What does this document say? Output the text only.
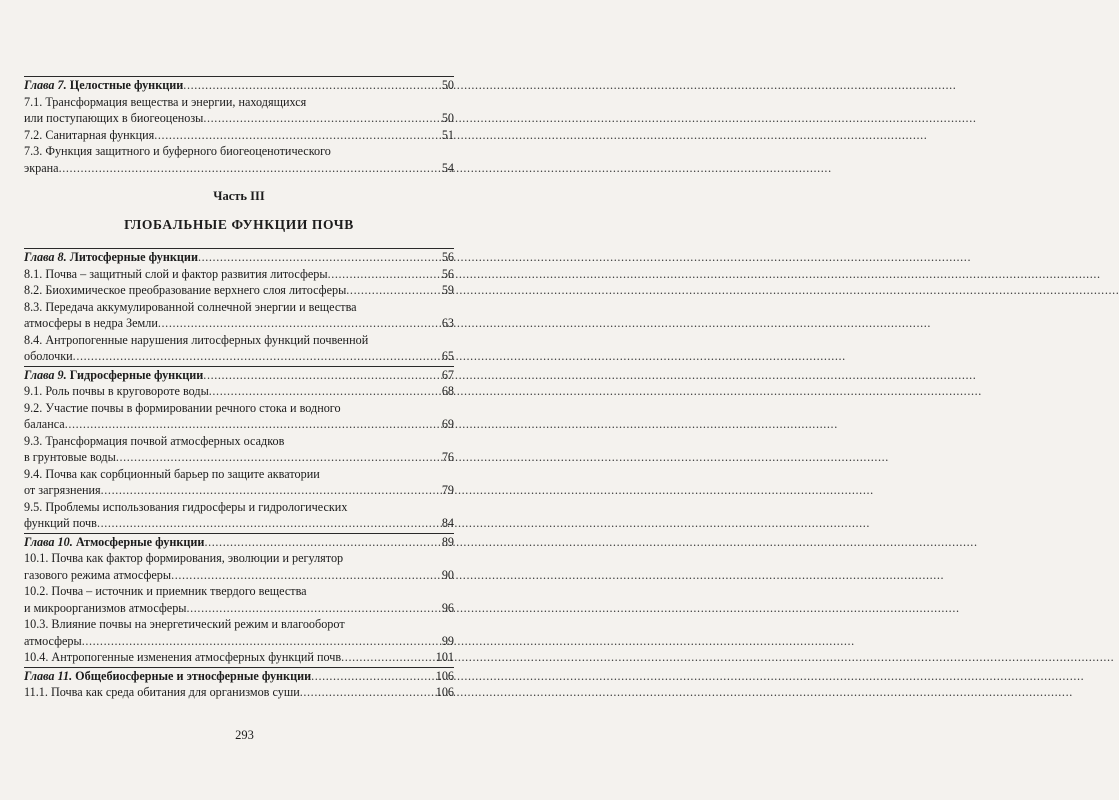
Глава 7. Целостные функции .....	50
7.1. Трансформация вещества и энергии, находящихся
или поступающих в биогеоценозы .....	50
7.2. Санитарная функция .....	51
7.3. Функция защитного и буферного биогеоценотического
экрана .....	54
Часть III
ГЛОБАЛЬНЫЕ ФУНКЦИИ ПОЧВ
Глава 8. Литосферные функции .....	56
8.1. Почва – защитный слой и фактор развития литосферы .....	56
8.2. Биохимическое преобразование верхнего слоя литосферы .....	59
8.3. Передача аккумулированной солнечной энергии и вещества
атмосферы в недра Земли .....	63
8.4. Антропогенные нарушения литосферных функций почвенной
оболочки .....	65
Глава 9. Гидросферные функции .....	67
9.1. Роль почвы в круговороте воды .....	68
9.2. Участие почвы в формировании речного стока и водного
баланса .....	69
9.3. Трансформация почвой атмосферных осадков
в грунтовые воды .....	76
9.4. Почва как сорбционный барьер по защите акватории
от загрязнения .....	79
9.5. Проблемы использования гидросферы и гидрологических
функций почв .....	84
Глава 10. Атмосферные функции .....	89
10.1. Почва как фактор формирования, эволюции и регулятор
газового режима атмосферы .....	90
10.2. Почва – источник и приемник твердого вещества
и микроорганизмов атмосферы .....	96
10.3. Влияние почвы на энергетический режим и влагооборот
атмосферы .....	99
10.4. Антропогенные изменения атмосферных функций почв .....	101
Глава 11. Общебиосферные и этносферные функции .....	106
11.1. Почва как среда обитания для организмов суши .....	106
293
